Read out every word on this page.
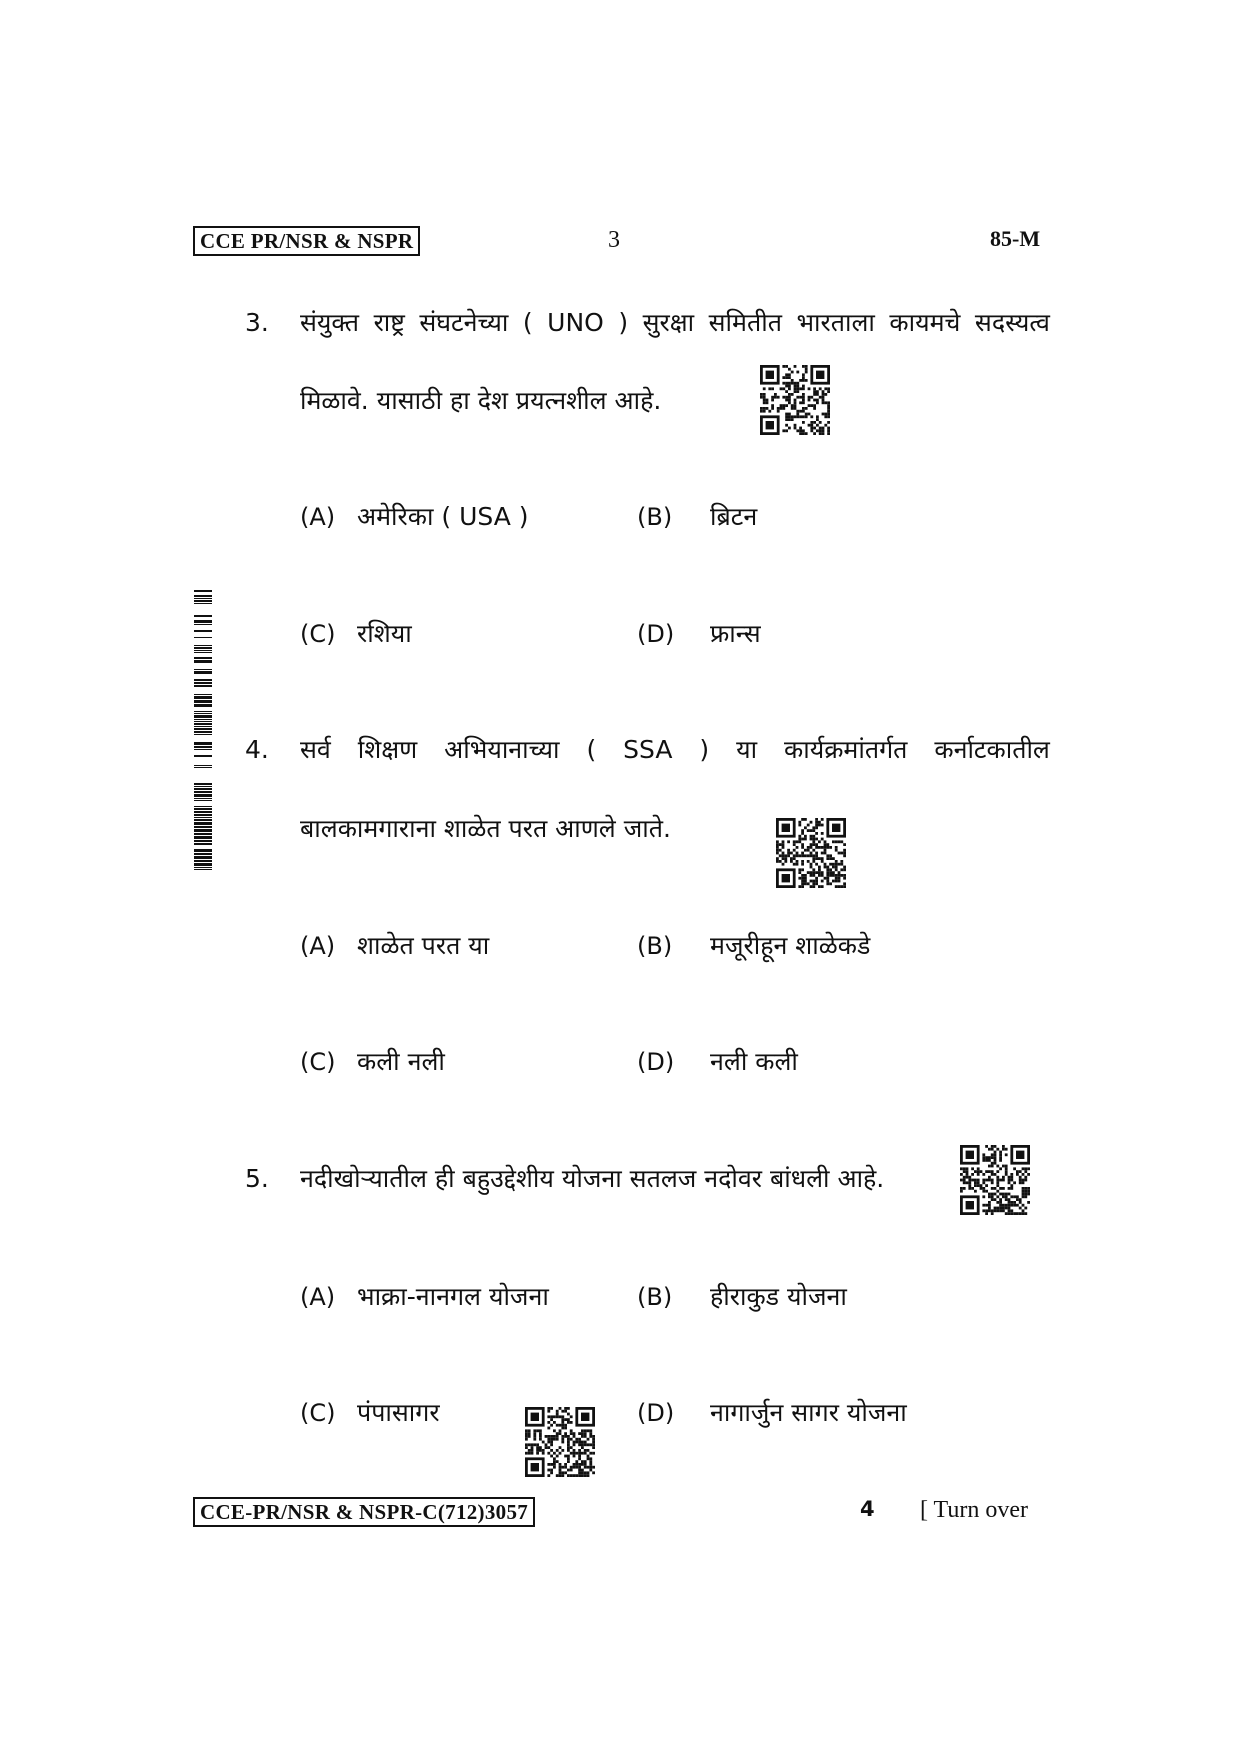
CCE PR/NSR & NSPR	3	85-M
3. संयुक्त राष्ट्र संघटनेच्या ( UNO ) सुरक्षा समितीत भारताला कायमचे सदस्यत्व
मिळावे. यासाठी हा देश प्रयत्नशील आहे.
(A) अमेरिका ( USA )	(B) ब्रिटन
(C) रशिया	(D) फ्रान्स
4. सर्व शिक्षण अभियानाच्या ( SSA ) या कार्यक्रमांतर्गत कर्नाटकातील
बालकामगाराना शाळेत परत आणले जाते.
(A) शाळेत परत या	(B) मजूरीहून शाळेकडे
(C) कली नली	(D) नली कली
5. नदीखोऱ्यातील ही बहुउद्देशीय योजना सतलज नदोवर बांधली आहे.
(A) भाक्रा-नानगल योजना	(B) हीराकुड योजना
(C) पंपासागर	(D) नागार्जुन सागर योजना
CCE-PR/NSR & NSPR-C(712)3057	4 [ Turn over
